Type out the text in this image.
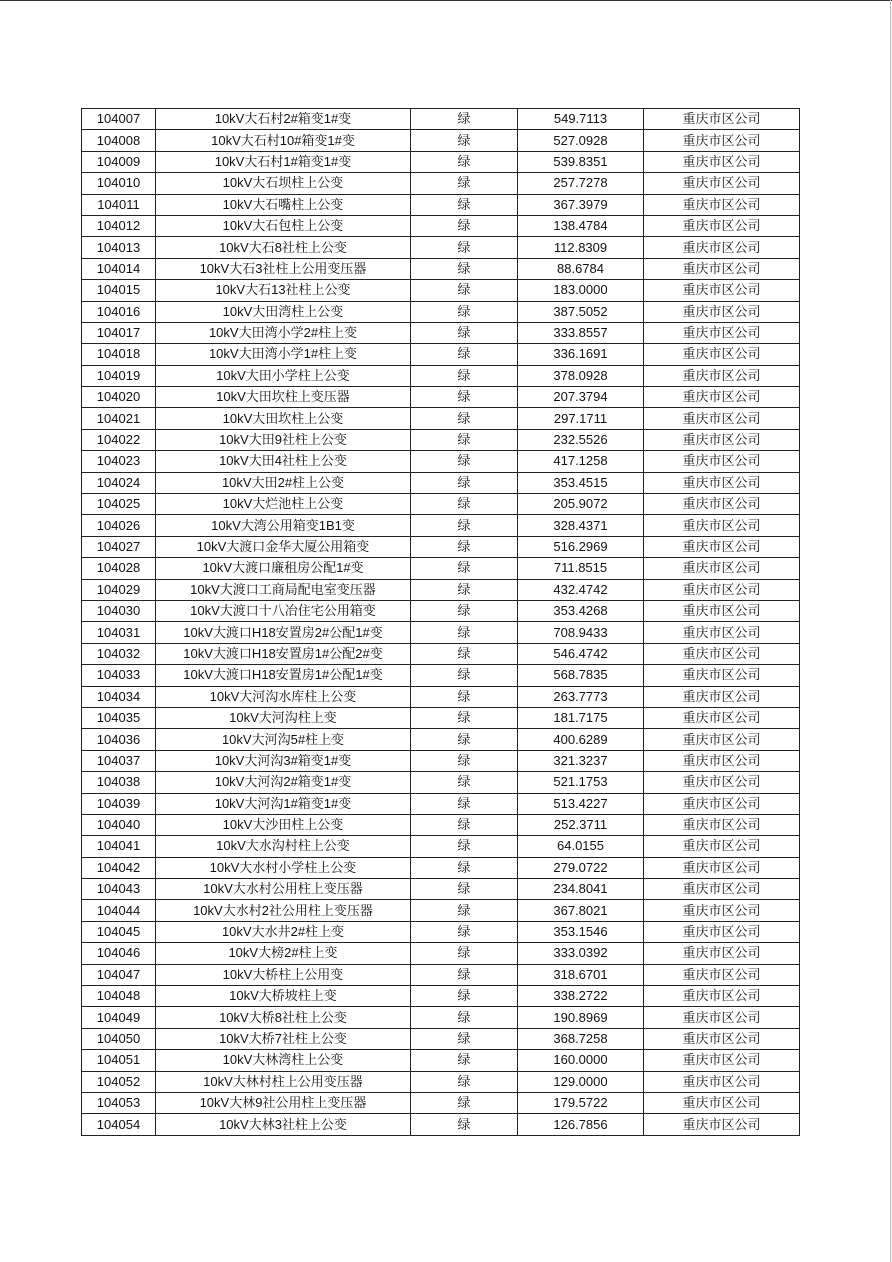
104007	10kV大石村2#箱变1#变	绿	549.7113	重庆市区公司
104008	10kV大石村10#箱变1#变	绿	527.0928	重庆市区公司
104009	10kV大石村1#箱变1#变	绿	539.8351	重庆市区公司
104010	10kV大石坝柱上公变	绿	257.7278	重庆市区公司
104011	10kV大石嘴柱上公变	绿	367.3979	重庆市区公司
104012	10kV大石包柱上公变	绿	138.4784	重庆市区公司
104013	10kV大石8社柱上公变	绿	112.8309	重庆市区公司
104014	10kV大石3社柱上公用变压器	绿	88.6784	重庆市区公司
104015	10kV大石13社柱上公变	绿	183.0000	重庆市区公司
104016	10kV大田湾柱上公变	绿	387.5052	重庆市区公司
104017	10kV大田湾小学2#柱上变	绿	333.8557	重庆市区公司
104018	10kV大田湾小学1#柱上变	绿	336.1691	重庆市区公司
104019	10kV大田小学柱上公变	绿	378.0928	重庆市区公司
104020	10kV大田坎柱上变压器	绿	207.3794	重庆市区公司
104021	10kV大田坎柱上公变	绿	297.1711	重庆市区公司
104022	10kV大田9社柱上公变	绿	232.5526	重庆市区公司
104023	10kV大田4社柱上公变	绿	417.1258	重庆市区公司
104024	10kV大田2#柱上公变	绿	353.4515	重庆市区公司
104025	10kV大烂池柱上公变	绿	205.9072	重庆市区公司
104026	10kV大湾公用箱变1B1变	绿	328.4371	重庆市区公司
104027	10kV大渡口金华大厦公用箱变	绿	516.2969	重庆市区公司
104028	10kV大渡口廉租房公配1#变	绿	711.8515	重庆市区公司
104029	10kV大渡口工商局配电室变压器	绿	432.4742	重庆市区公司
104030	10kV大渡口十八冶住宅公用箱变	绿	353.4268	重庆市区公司
104031	10kV大渡口H18安置房2#公配1#变	绿	708.9433	重庆市区公司
104032	10kV大渡口H18安置房1#公配2#变	绿	546.4742	重庆市区公司
104033	10kV大渡口H18安置房1#公配1#变	绿	568.7835	重庆市区公司
104034	10kV大河沟水库柱上公变	绿	263.7773	重庆市区公司
104035	10kV大河沟柱上变	绿	181.7175	重庆市区公司
104036	10kV大河沟5#柱上变	绿	400.6289	重庆市区公司
104037	10kV大河沟3#箱变1#变	绿	321.3237	重庆市区公司
104038	10kV大河沟2#箱变1#变	绿	521.1753	重庆市区公司
104039	10kV大河沟1#箱变1#变	绿	513.4227	重庆市区公司
104040	10kV大沙田柱上公变	绿	252.3711	重庆市区公司
104041	10kV大水沟村柱上公变	绿	64.0155	重庆市区公司
104042	10kV大水村小学柱上公变	绿	279.0722	重庆市区公司
104043	10kV大水村公用柱上变压器	绿	234.8041	重庆市区公司
104044	10kV大水村2社公用柱上变压器	绿	367.8021	重庆市区公司
104045	10kV大水井2#柱上变	绿	353.1546	重庆市区公司
104046	10kV大榜2#柱上变	绿	333.0392	重庆市区公司
104047	10kV大桥柱上公用变	绿	318.6701	重庆市区公司
104048	10kV大桥坡柱上变	绿	338.2722	重庆市区公司
104049	10kV大桥8社柱上公变	绿	190.8969	重庆市区公司
104050	10kV大桥7社柱上公变	绿	368.7258	重庆市区公司
104051	10kV大林湾柱上公变	绿	160.0000	重庆市区公司
104052	10kV大林村柱上公用变压器	绿	129.0000	重庆市区公司
104053	10kV大林9社公用柱上变压器	绿	179.5722	重庆市区公司
104054	10kV大林3社柱上公变	绿	126.7856	重庆市区公司
